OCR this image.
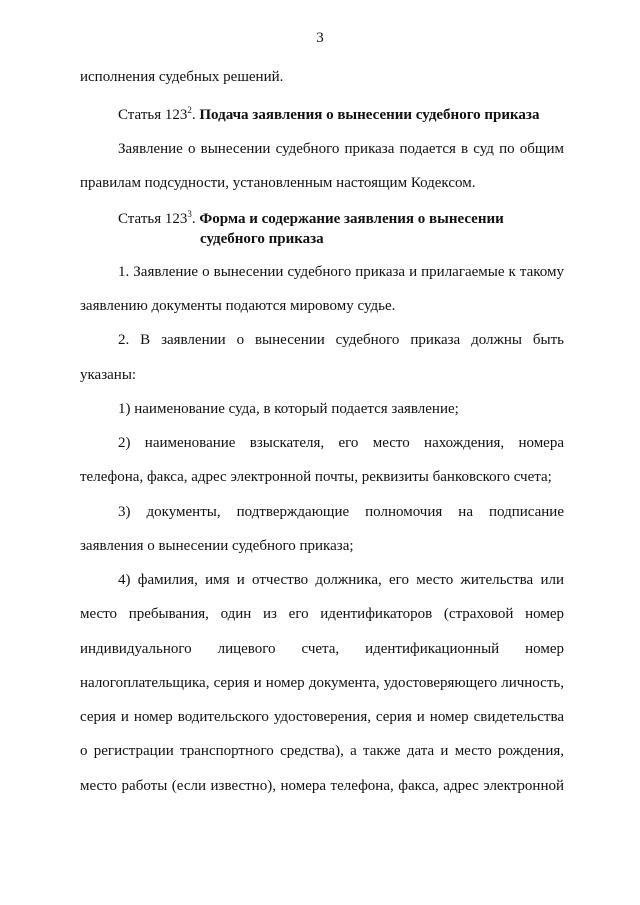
3
исполнения судебных решений.
Статья $123^2$. Подача заявления о вынесении судебного приказа
Заявление о вынесении судебного приказа подается в суд по общим
правилам подсудности, установленным настоящим Кодексом.
Статья $123^3$. Форма и содержание заявления о вынесении
судебного приказа
1. Заявление о вынесении судебного приказа и прилагаемые к такому
заявлению документы подаются мировому судье.
2. В заявлении о вынесении судебного приказа должны быть
указаны:
1) наименование суда, в который подается заявление;
2) наименование взыскателя, его место нахождения, номера
телефона, факса, адрес электронной почты, реквизиты банковского счета;
3) документы, подтверждающие полномочия на подписание
заявления о вынесении судебного приказа;
4) фамилия, имя и отчество должника, его место жительства или
место пребывания, один из его идентификаторов (страховой номер
индивидуального лицевого счета, идентификационный номер
налогоплательщика, серия и номер документа, удостоверяющего личность,
серия и номер водительского удостоверения, серия и номер свидетельства
о регистрации транспортного средства), а также дата и место рождения,
место работы (если известно), номера телефона, факса, адрес электронной
